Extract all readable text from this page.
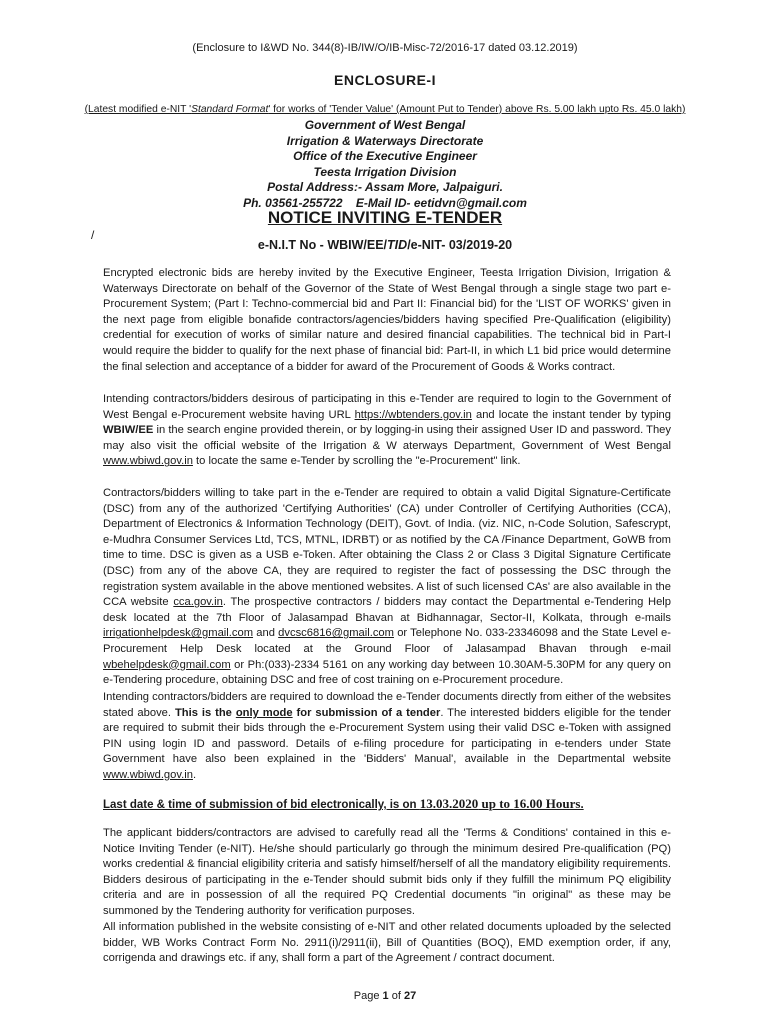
(Enclosure to I&WD No. 344(8)-IB/IW/O/IB-Misc-72/2016-17 dated 03.12.2019)
ENCLOSURE-I
(Latest modified e-NIT 'Standard Format' for works of 'Tender Value' (Amount Put to Tender) above Rs. 5.00 lakh upto Rs. 45.0 lakh)
Government of West Bengal
Irrigation & Waterways Directorate
Office of the Executive Engineer
Teesta Irrigation Division
Postal Address:- Assam More, Jalpaiguri.
Ph. 03561-255722    E-Mail ID- eetidvn@gmail.com
NOTICE INVITING E-TENDER
/
e-N.I.T No - WBIW/EE/TID/e-NIT- 03/2019-20
Encrypted electronic bids are hereby invited by the Executive Engineer, Teesta Irrigation Division, Irrigation & Waterways Directorate on behalf of the Governor of the State of West Bengal through a single stage two part e-Procurement System; (Part I: Techno-commercial bid and Part II: Financial bid) for the 'LIST OF WORKS' given in the next page from eligible bonafide contractors/agencies/bidders having specified Pre-Qualification (eligibility) credential for execution of works of similar nature and desired financial capabilities. The technical bid in Part-I would require the bidder to qualify for the next phase of financial bid: Part-II, in which L1 bid price would determine the final selection and acceptance of a bidder for award of the Procurement of Goods & Works contract.
Intending contractors/bidders desirous of participating in this e-Tender are required to login to the Government of West Bengal e-Procurement website having URL https://wbtenders.gov.in and locate the instant tender by typing WBIW/EE in the search engine provided therein, or by logging-in using their assigned User ID and password. They may also visit the official website of the Irrigation & W aterways Department, Government of West Bengal www.wbiwd.gov.in to locate the same e-Tender by scrolling the "e-Procurement" link.
Contractors/bidders willing to take part in the e-Tender are required to obtain a valid Digital Signature-Certificate (DSC) from any of the authorized 'Certifying Authorities' (CA) under Controller of Certifying Authorities (CCA), Department of Electronics & Information Technology (DEIT), Govt. of India. (viz. NIC, n-Code Solution, Safescrypt, e-Mudhra Consumer Services Ltd, TCS, MTNL, IDRBT) or as notified by the CA /Finance Department, GoWB from time to time. DSC is given as a USB e-Token. After obtaining the Class 2 or Class 3 Digital Signature Certificate (DSC) from any of the above CA, they are required to register the fact of possessing the DSC through the registration system available in the above mentioned websites. A list of such licensed CAs' are also available in the CCA website cca.gov.in. The prospective contractors / bidders may contact the Departmental e-Tendering Help desk located at the 7th Floor of Jalasampad Bhavan at Bidhannagar, Sector-II, Kolkata, through e-mails irrigationhelpdesk@gmail.com and dvcsc6816@gmail.com or Telephone No. 033-23346098 and the State Level e-Procurement Help Desk located at the Ground Floor of Jalasampad Bhavan through e-mail wbehelpdesk@gmail.com or Ph:(033)-2334 5161 on any working day between 10.30AM-5.30PM for any query on e-Tendering procedure, obtaining DSC and free of cost training on e-Procurement procedure.
Intending contractors/bidders are required to download the e-Tender documents directly from either of the websites stated above. This is the only mode for submission of a tender. The interested bidders eligible for the tender are required to submit their bids through the e-Procurement System using their valid DSC e-Token with assigned PIN using login ID and password. Details of e-filing procedure for participating in e-tenders under State Government have also been explained in the 'Bidders' Manual', available in the Departmental website www.wbiwd.gov.in.
Last date & time of submission of bid electronically, is on 13.03.2020 up to 16.00 Hours.
The applicant bidders/contractors are advised to carefully read all the 'Terms & Conditions' contained in this e-Notice Inviting Tender (e-NIT). He/she should particularly go through the minimum desired Pre-qualification (PQ) works credential & financial eligibility criteria and satisfy himself/herself of all the mandatory eligibility requirements. Bidders desirous of participating in the e-Tender should submit bids only if they fulfill the minimum PQ eligibility criteria and are in possession of all the required PQ Credential documents "in original" as these may be summoned by the Tendering authority for verification purposes.
All information published in the website consisting of e-NIT and other related documents uploaded by the selected bidder, WB Works Contract Form No. 2911(i)/2911(ii), Bill of Quantities (BOQ), EMD exemption order, if any, corrigenda and drawings etc. if any, shall form a part of the Agreement / contract document.
Page 1 of 27
